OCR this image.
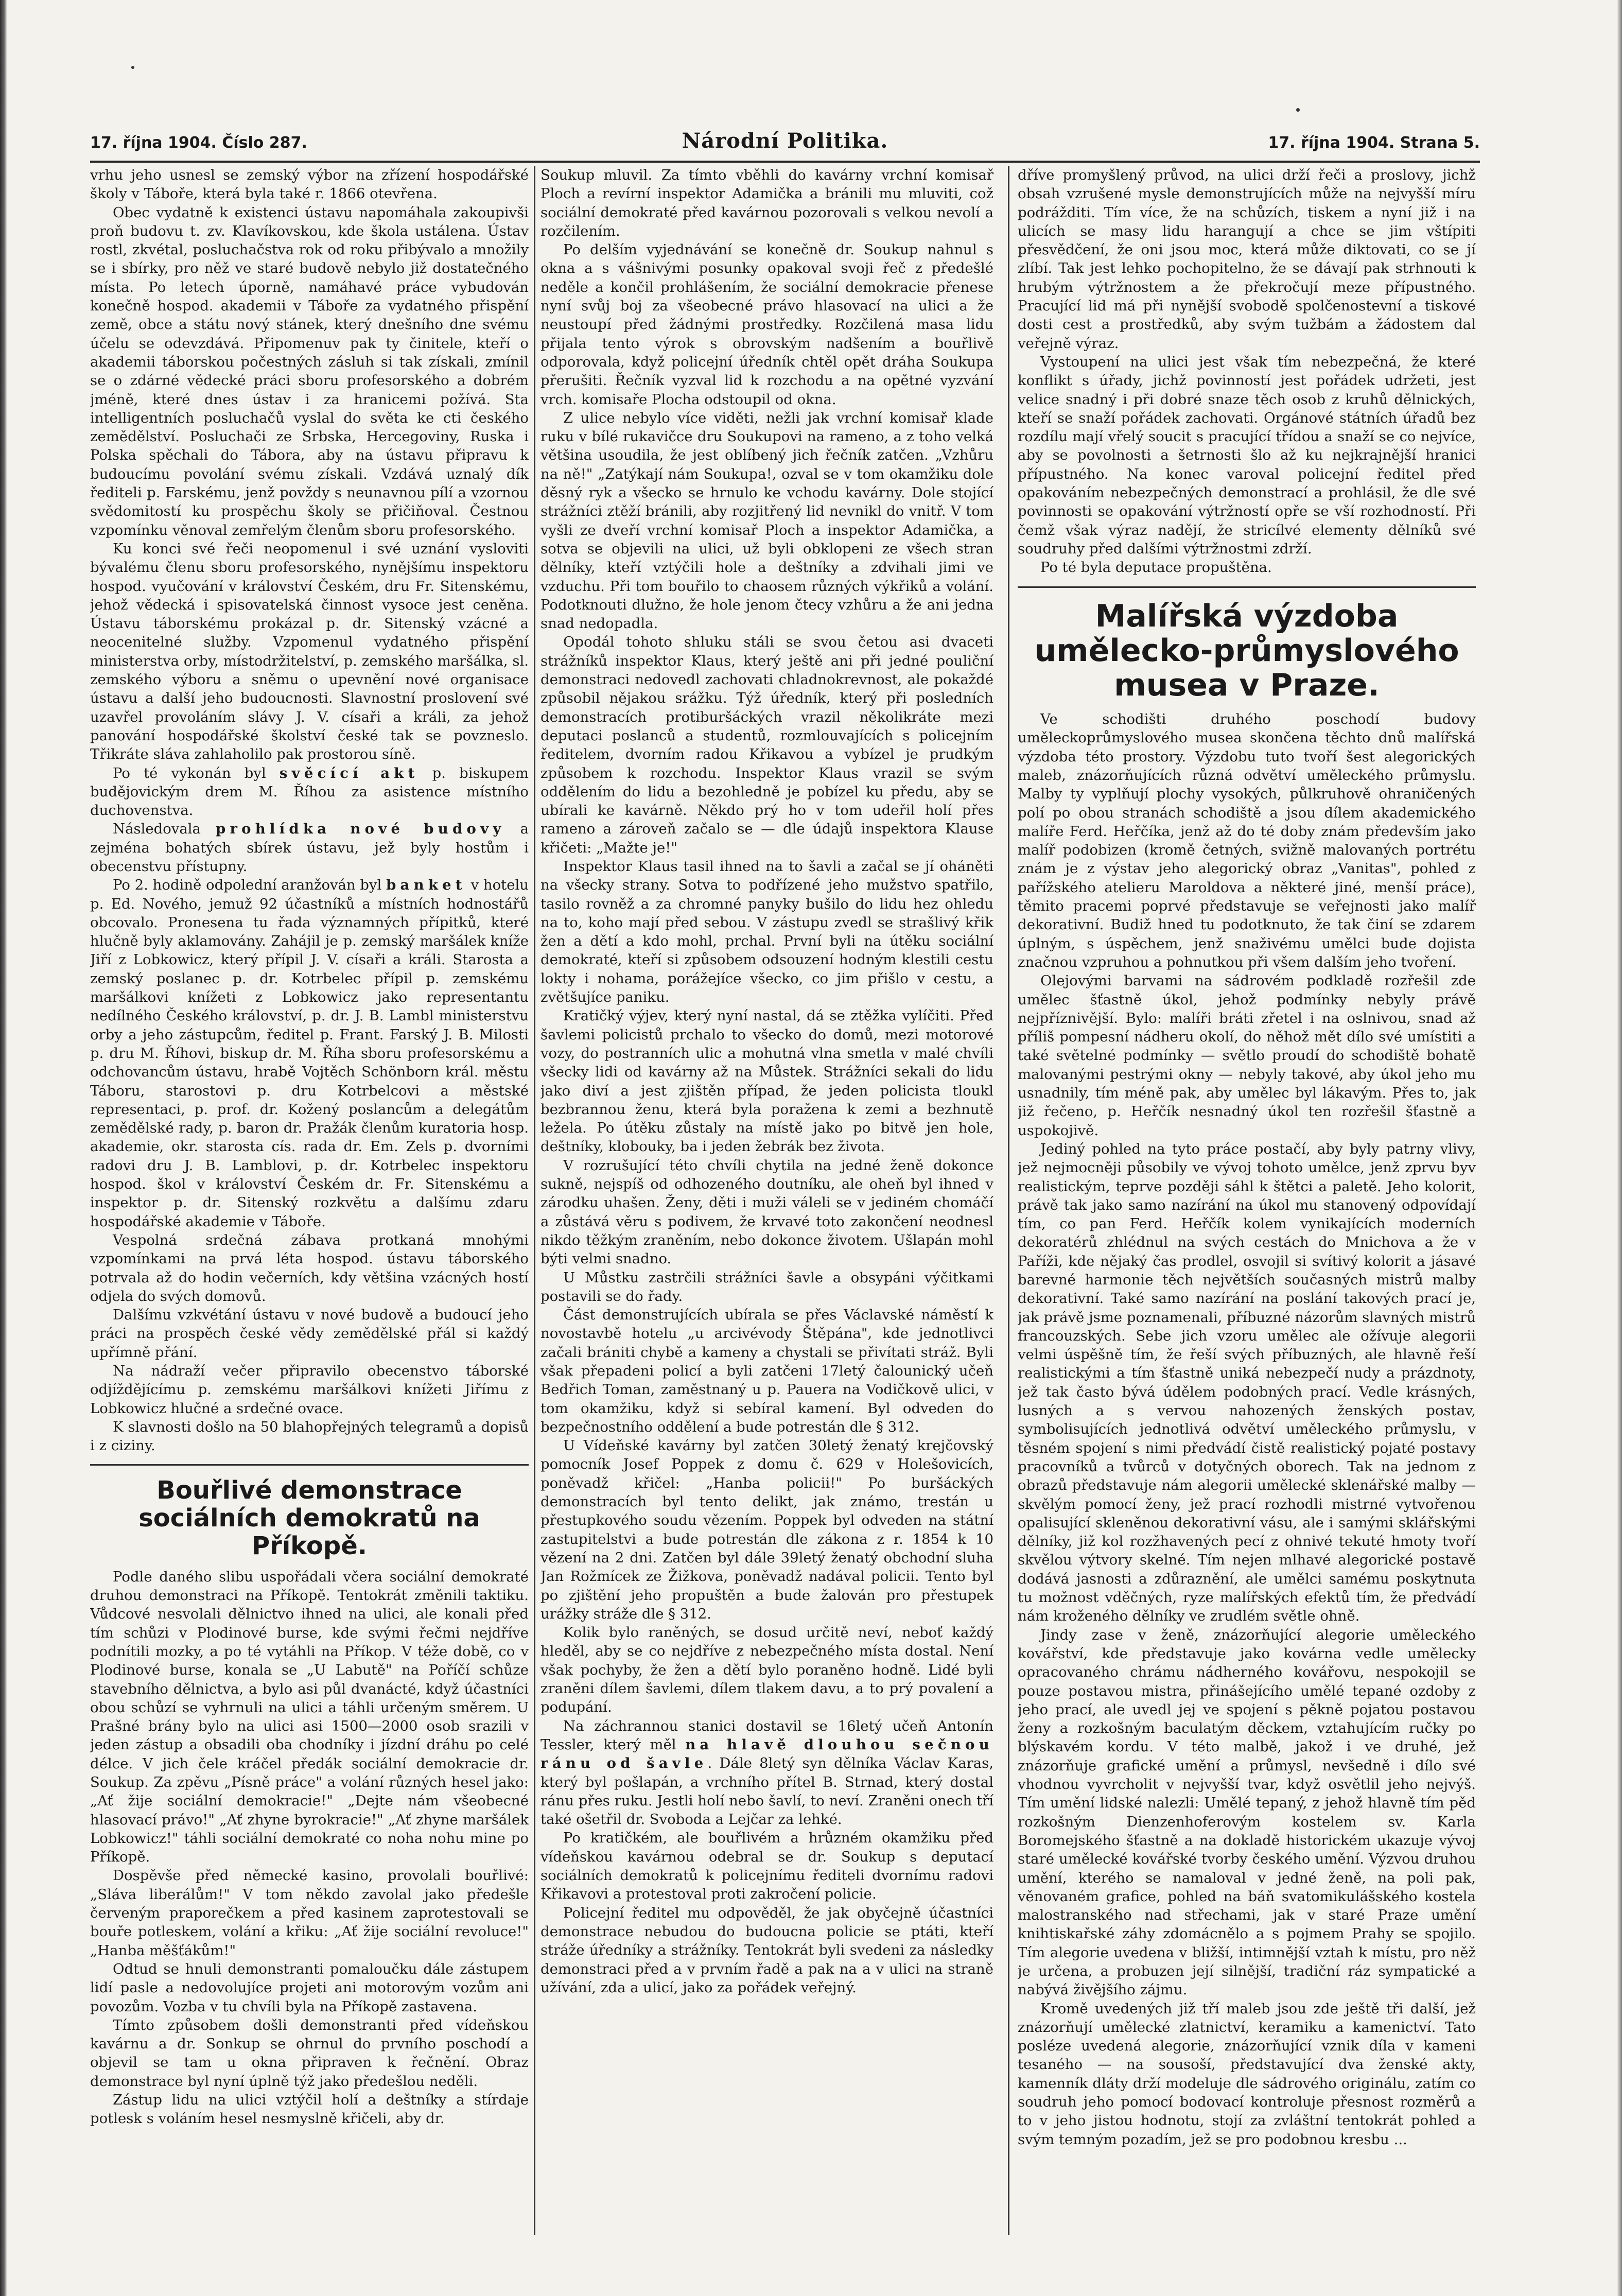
17. října 1904. Číslo 287.	Národní Politika.	17. října 1904. Strana 5.

vrhu jeho usnesl se zemský výbor na zřízení hospodářské školy v Táboře, která byla také r. 1866 otevřena.

Obec vydatně k existenci ústavu napomáhala zakoupivši proň budovu t. zv. Klavíkovskou, kde škola ustálena. Ústav rostl, zkvétal, posluchačstva rok od roku přibývalo a množily se i sbírky, pro něž ve staré budově nebylo již dostatečného místa. Po letech úporně, namáhavé práce vybudován konečně hospod. akademii v Táboře za vydatného přispění země, obce a státu nový stánek, který dnešního dne svému účelu se odevzdává. Připomenuv pak ty činitele, kteří o akademii táborskou počestných zásluh si tak získali, zmínil se o zdárné vědecké práci sboru profesorského a dobrém jméně, které dnes ústav i za hranicemi požívá. Sta intelligentních posluchačů vyslal do světa ke cti českého zemědělství. Posluchači ze Srbska, Hercegoviny, Ruska i Polska spěchali do Tábora, aby na ústavu připravu k budoucímu povolání svému získali. Vzdává uznalý dík řediteli p. Farskému, jenž povždy s neunavnou pílí a vzornou svědomitostí ku prospěchu školy se přičiňoval. Čestnou vzpomínku věnoval zemřelým členům sboru profesorského.

Ku konci své řeči neopomenul i své uznání vysloviti bývalému členu sboru profesorského, nynějšímu inspektoru hospod. vyučování v království Českém, dru Fr. Sitenskému, jehož vědecká i spisovatelská činnost vysoce jest ceněna. Ústavu táborskému prokázal p. dr. Sitenský vzácné a neocenitelné služby. Vzpomenul vydatného přispění ministerstva orby, místodržitelství, p. zemského maršálka, sl. zemského výboru a sněmu o upevnění nové organisace ústavu a další jeho budoucnosti. Slavnostní proslovení své uzavřel provoláním slávy J. V. císaři a králi, za jehož panování hospodářské školství české tak se povzneslo. Třikráte sláva zahlaholilo pak prostorou síně.

Po té vykonán byl svěcící akt p. biskupem budějovickým drem M. Říhou za asistence místního duchovenstva.

Následovala prohlídka nové budovy a zejména bohatých sbírek ústavu, jež byly hostům i obecenstvu přístupny.

Po 2. hodině odpolední aranžován byl banket v hotelu p. Ed. Nového, jemuž 92 účastníků a místních hodnostářů obcovalo. Pronesena tu řada významných přípitků, které hlučně byly aklamovány. Zahájil je p. zemský maršálek kníže Jiří z Lobkowicz, který přípil J. V. císaři a králi. Starosta a zemský poslanec p. dr. Kotrbelec přípil p. zemskému maršálkovi knížeti z Lobkowicz jako representantu nedílného Českého království, p. dr. J. B. Lambl ministerstvu orby a jeho zástupcům, ředitel p. Frant. Farský J. B. Milosti p. dru M. Říhovi, biskup dr. M. Říha sboru profesorskému a odchovancům ústavu, hrabě Vojtěch Schönborn král. městu Táboru, starostovi p. dru Kotrbelcovi a městské representaci, p. prof. dr. Kožený poslancům a delegátům zemědělské rady, p. baron dr. Pražák členům kuratoria hosp. akademie, okr. starosta cís. rada dr. Em. Zels p. dvorními radovi dru J. B. Lamblovi, p. dr. Kotrbelec inspektoru hospod. škol v království Českém dr. Fr. Sitenskému a inspektor p. dr. Sitenský rozkvětu a dalšímu zdaru hospodářské akademie v Táboře.

Vespolná srdečná zábava protkaná mnohými vzpomínkami na prvá léta hospod. ústavu táborského potrvala až do hodin večerních, kdy většina vzácných hostí odjela do svých domovů.

Dalšímu vzkvétání ústavu v nové budově a budoucí jeho práci na prospěch české vědy zemědělské přál si každý upřímně přání.

Na nádraží večer připravilo obecenstvo táborské odjíždějícímu p. zemskému maršálkovi knížeti Jiřímu z Lobkowicz hlučné a srdečné ovace.

K slavnosti došlo na 50 blahopřejných telegramů a dopisů i z ciziny.

Bouřlivé demonstrace sociálních demokratů na Příkopě.

Podle daného slibu uspořádali včera sociální demokraté druhou demonstraci na Příkopě. Tentokrát změnili taktiku. Vůdcové nesvolali dělnictvo ihned na ulici, ale konali před tím schůzi v Plodinové burse, kde svými řečmi nejdříve podnítili mozky, a po té vytáhli na Příkop. V téže době, co v Plodinové burse, konala se „U Labutě" na Poříčí schůze stavebního dělnictva, a bylo asi půl dvanácté, když účastníci obou schůzí se vyhrnuli na ulici a táhli určeným směrem. U Prašné brány bylo na ulici asi 1500—2000 osob srazili v jeden zástup a obsadili oba chodníky i jízdní dráhu po celé délce. V jich čele kráčel předák sociální demokracie dr. Soukup. Za zpěvu „Písně práce" a volání různých hesel jako: „Ať žije sociální demokracie!" „Dejte nám všeobecné hlasovací právo!" „Ať zhyne byrokracie!" „Ať zhyne maršálek Lobkowicz!" táhli sociální demokraté co noha nohu mine po Příkopě.

Dospěvše před německé kasino, provolali bouřlivé: „Sláva liberálům!" V tom někdo zavolal jako předešle červeným praporečkem a před kasinem zaprotestovali se bouře potleskem, volání a křiku: „Ať žije sociální revoluce!" „Hanba měšťákům!"

Odtud se hnuli demonstranti pomaloučku dále zástupem lidí pasle a nedovolujíce projeti ani motorovým vozům ani povozům. Vozba v tu chvíli byla na Příkopě zastavena.

Tímto způsobem došli demonstranti před vídeňskou kavárnu a dr. Sonkup se ohrnul do prvního poschodí a objevil se tam u okna připraven k řečnění. Obraz demonstrace byl nyní úplně týž jako předešlou neděli.

Zástup lidu na ulici vztýčil holí a deštníky a stírdaje potlesk s voláním hesel nesmyslně křičeli, aby dr.

Soukup mluvil. Za tímto vběhli do kavárny vrchní komisař Ploch a revírní inspektor Adamička a bránili mu mluviti, což sociální demokraté před kavárnou pozorovali s velkou nevolí a rozčilením.

Po delším vyjednávání se konečně dr. Soukup nahnul s okna a s vášnivými posunky opakoval svoji řeč z předešlé neděle a končil prohlášením, že sociální demokracie přenese nyní svůj boj za všeobecné právo hlasovací na ulici a že neustoupí před žádnými prostředky. Rozčilená masa lidu přijala tento výrok s obrovským nadšením a bouřlivě odporovala, když policejní úředník chtěl opět dráha Soukupa přerušiti. Řečník vyzval lid k rozchodu a na opětné vyzvání vrch. komisaře Plocha odstoupil od okna.

Z ulice nebylo více viděti, nežli jak vrchní komisař klade ruku v bílé rukavičce dru Soukupovi na rameno, a z toho velká většina usoudila, že jest oblíbený jich řečník zatčen. „Vzhůru na ně!" „Zatýkají nám Soukupa!, ozval se v tom okamžiku dole děsný ryk a všecko se hrnulo ke vchodu kavárny. Dole stojící strážníci ztěží bránili, aby rozjitřený lid nevnikl do vnitř. V tom vyšli ze dveří vrchní komisař Ploch a inspektor Adamička, a sotva se objevili na ulici, už byli obklopeni ze všech stran dělníky, kteří vztýčili hole a deštníky a zdvihali jimi ve vzduchu. Při tom bouřilo to chaosem různých výkřiků a volání. Podotknouti dlužno, že hole jenom čtecy vzhůru a že ani jedna snad nedopadla.

Opodál tohoto shluku stáli se svou četou asi dvaceti strážníků inspektor Klaus, který ještě ani při jedné pouliční demonstraci nedovedl zachovati chladnokrevnost, ale pokaždé způsobil nějakou srážku. Týž úředník, který při posledních demonstracích protiburšáckých vrazil několikráte mezi deputaci poslanců a studentů, rozmlouvajících s policejním ředitelem, dvorním radou Křikavou a vybízel je prudkým způsobem k rozchodu. Inspektor Klaus vrazil se svým oddělením do lidu a bezohledně je pobízel ku předu, aby se ubírali ke kavárně. Někdo prý ho v tom udeřil holí přes rameno a zároveň začalo se — dle údajů inspektora Klause křičeti: „Mažte je!"

Inspektor Klaus tasil ihned na to šavli a začal se jí oháněti na všecky strany. Sotva to podřízené jeho mužstvo spatřilo, tasilo rovněž a za chromné panyky bušilo do lidu hez ohledu na to, koho mají před sebou. V zástupu zvedl se strašlivý křik žen a dětí a kdo mohl, prchal. První byli na útěku sociální demokraté, kteří si způsobem odsouzení hodným klestili cestu lokty i nohama, porážejíce všecko, co jim přišlo v cestu, a zvětšujíce paniku.

Kratičký výjev, který nyní nastal, dá se ztěžka vylíčiti. Před šavlemi policistů prchalo to všecko do domů, mezi motorové vozy, do postranních ulic a mohutná vlna smetla v malé chvíli všecky lidi od kavárny až na Můstek. Strážníci sekali do lidu jako diví a jest zjištěn případ, že jeden policista tloukl bezbrannou ženu, která byla poražena k zemi a bezhnutě ležela. Po útěku zůstaly na místě jako po bitvě jen hole, deštníky, klobouky, ba i jeden žebrák bez života.

V rozrušující této chvíli chytila na jedné ženě dokonce sukně, nejspíš od odhozeného doutníku, ale oheň byl ihned v zárodku uhašen. Ženy, děti i muži váleli se v jediném chomáčí a zůstává věru s podivem, že krvavé toto zakončení neodnesl nikdo těžkým zraněním, nebo dokonce životem. Ušlapán mohl býti velmi snadno.

U Můstku zastrčili strážníci šavle a obsypáni výčitkami postavili se do řady.

Část demonstrujících ubírala se přes Václavské náměstí k novostavbě hotelu „u arcivévody Štěpána", kde jednotlivci začali brániti chybě a kameny a chystali se přivítati stráž. Byli však přepadeni policí a byli zatčeni 17letý čalounický učeň Bedřich Toman, zaměstnaný u p. Pauera na Vodičkově ulici, v tom okamžiku, když si sebíral kamení. Byl odveden do bezpečnostního oddělení a bude potrestán dle § 312.

U Vídeňské kavárny byl zatčen 30letý ženatý krejčovský pomocník Josef Poppek z domu č. 629 v Holešovicích, poněvadž křičel: „Hanba policii!" Po buršáckých demonstracích byl tento delikt, jak známo, trestán u přestupkového soudu vězením. Poppek byl odveden na státní zastupitelstvi a bude potrestán dle zákona z r. 1854 k 10 vězení na 2 dni. Zatčen byl dále 39letý ženatý obchodní sluha Jan Rožmícek ze Žižkova, poněvadž nadával policii. Tento byl po zjištění jeho propuštěn a bude žalován pro přestupek urážky stráže dle § 312.

Kolik bylo raněných, se dosud určitě neví, neboť každý hleděl, aby se co nejdříve z nebezpečného místa dostal. Není však pochyby, že žen a dětí bylo poraněno hodně. Lidé byli zraněni dílem šavlemi, dílem tlakem davu, a to prý povalení a podupání.

Na záchrannou stanici dostavil se 16letý učeň Antonín Tessler, který měl na hlavě dlouhou sečnou ránu od šavle. Dále 8letý syn dělníka Václav Karas, který byl pošlapán, a vrchního přítel B. Strnad, který dostal ránu přes ruku. Jestli holí nebo šavlí, to neví. Zraněni onech tří také ošetřil dr. Svoboda a Lejčar za lehké.

Po kratičkém, ale bouřlivém a hrůzném okamžiku před vídeňskou kavárnou odebral se dr. Soukup s deputací sociálních demokratů k policejnímu řediteli dvornímu radovi Křikavovi a protestoval proti zakročení policie.

Policejní ředitel mu odpověděl, že jak obyčejně účastníci demonstrace nebudou do budoucna policie se ptáti, kteří stráže úředníky a strážníky. Tentokrát byli svedeni za následky demonstraci před a v prvním řadě a pak na a v ulici na straně užívání, zda a ulicí, jako za pořádek veřejný.

dříve promyšlený průvod, na ulici drží řeči a proslovy, jichž obsah vzrušené mysle demonstrujících může na nejvyšší míru podrážditi. Tím více, že na schůzích, tiskem a nyní již i na ulicích se masy lidu harangují a chce se jim vštípiti přesvědčení, že oni jsou moc, která může diktovati, co se jí zlíbí. Tak jest lehko pochopitelno, že se dávají pak strhnouti k hrubým výtržnostem a že překročují meze přípustného. Pracující lid má při nynější svobodě spolčenostevní a tiskové dosti cest a prostředků, aby svým tužbám a žádostem dal veřejně výraz.

Vystoupení na ulici jest však tím nebezpečná, že které konflikt s úřady, jichž povinností jest pořádek udržeti, jest velice snadný i při dobré snaze těch osob z kruhů dělnických, kteří se snaží pořádek zachovati. Orgánové státních úřadů bez rozdílu mají vřelý soucit s pracující třídou a snaží se co nejvíce, aby se povolnosti a šetrnosti šlo až ku nejkrajnější hranici přípustného. Na konec varoval policejní ředitel před opakováním nebezpečných demonstrací a prohlásil, že dle své povinnosti se opakování výtržností opře se vší rozhodností. Při čemž však výraz nadějí, že stricílvé elementy dělníků své soudruhy před dalšími výtržnostmi zdrží.

Po té byla deputace propuštěna.

Malířská výzdoba umělecko-průmyslového musea v Praze.

Ve schodišti druhého poschodí budovy uměleckoprůmyslového musea skončena těchto dnů malířská výzdoba této prostory. Výzdobu tuto tvoří šest alegorických maleb, znázorňujících různá odvětví uměleckého průmyslu. Malby ty vyplňují plochy vysokých, půlkruhově ohraničených polí po obou stranách schodiště a jsou dílem akademického malíře Ferd. Heřčíka, jenž až do té doby znám především jako malíř podobizen (kromě četných, svižně malovaných portrétu znám je z výstav jeho alegorický obraz „Vanitas", pohled z pařížského atelieru Maroldova a některé jiné, menší práce), těmito pracemi poprvé představuje se veřejnosti jako malíř dekorativní. Budiž hned tu podotknuto, že tak činí se zdarem úplným, s úspěchem, jenž snaživému umělci bude dojista značnou vzpruhou a pohnutkou při všem dalším jeho tvoření.

Olejovými barvami na sádrovém podkladě rozřešil zde umělec šťastně úkol, jehož podmínky nebyly právě nejpříznivější. Bylo: malíři bráti zřetel i na oslnivou, snad až příliš pompesní nádheru okolí, do něhož mět dílo své umístiti a také světelné podmínky — světlo proudí do schodiště bohatě malovanými pestrými okny — nebyly takové, aby úkol jeho mu usnadnily, tím méně pak, aby umělec byl lákavým. Přes to, jak již řečeno, p. Heřčík nesnadný úkol ten rozřešil šťastně a uspokojivě.

Jediný pohled na tyto práce postačí, aby byly patrny vlivy, jež nejmocněji působily ve vývoj tohoto umělce, jenž zprvu byv realistickým, teprve později sáhl k štětci a paletě. Jeho kolorit, právě tak jako samo nazírání na úkol mu stanovený odpovídají tím, co pan Ferd. Heřčík kolem vynikajících moderních dekoratérů zhlédnul na svých cestách do Mnichova a že v Paříži, kde nějaký čas prodlel, osvojil si svítivý kolorit a jásavé barevné harmonie těch největších současných mistrů malby dekorativní. Také samo nazírání na poslání takových prací je, jak právě jsme poznamenali, příbuzné názorům slavných mistrů francouzských. Sebe jich vzoru umělec ale ožívuje alegorii velmi úspěšně tím, že řeší svých příbuzných, ale hlavně řeší realistickými a tím šťastně uniká nebezpečí nudy a prázdnoty, jež tak často bývá údělem podobných prací. Vedle krásných, lusných a s vervou nahozených ženských postav, symbolisujících jednotlivá odvětví uměleckého průmyslu, v těsném spojení s nimi předvádí čistě realistický pojaté postavy pracovníků a tvůrců v dotyčných oborech. Tak na jednom z obrazů představuje nám alegorii umělecké sklenářské malby — skvělým pomocí ženy, jež prací rozhodli mistrné vytvořenou opalisující skleněnou dekorativní vásu, ale i samými sklářskými dělníky, již kol rozžhavených pecí z ohnivé tekuté hmoty tvoří skvělou výtvory skelné. Tím nejen mlhavé alegorické postavě dodává jasnosti a zdůraznění, ale umělci samému poskytnuta tu možnost vděčných, ryze malířských efektů tím, že předvádí nám kroženého dělníky ve zrudlém světle ohně.

Jindy zase v ženě, znázorňující alegorie uměleckého kovářství, kde představuje jako kovárna vedle umělecky opracovaného chrámu nádherného kovářovu, nespokojil se pouze postavou mistra, přinášejícího umělé tepané ozdoby z jeho prací, ale uvedl jej ve spojení s pěkně pojatou postavou ženy a rozkošným baculatým děckem, vztahujícím ručky po blýskavém kordu. V této malbě, jakož i ve druhé, jež znázorňuje grafické umění a průmysl, nevšedně i dílo své vhodnou vyvrcholit v nejvyšší tvar, když osvětlil jeho nejvýš. Tím umění lidské nalezli: Umělé tepaný, z jehož hlavně tím pěd rozkošným Dienzenhoferovým kostelem sv. Karla Boromejského šťastně a na dokladě historickém ukazuje vývoj staré umělecké kovářské tvorby českého umění. Výzvou druhou umění, kterého se namaloval v jedné ženě, na poli pak, věnovaném grafice, pohled na báň svatomikulášského kostela malostranského nad střechami, jak v staré Praze umění knihtiskařské záhy zdomácnělo a s pojmem Prahy se spojilo. Tím alegorie uvedena v bližší, intimnější vztah k místu, pro něž je určena, a probuzen její silnější, tradiční ráz sympatické a nabývá živějšího zájmu.

Kromě uvedených již tří maleb jsou zde ještě tři další, jež znázorňují umělecké zlatnictví, keramiku a kamenictví. Tato posléze uvedená alegorie, znázorňující vznik díla v kameni tesaného — na sousoší, představující dva ženské akty, kamenník dláty drží modeluje dle sádrového originálu, zatím co soudruh jeho pomocí bodovací kontroluje přesnost rozměrů a to v jeho jistou hodnotu, stojí za zvláštní tentokrát pohled a svým temným pozadím, jež se pro podobnou kresbu ...
